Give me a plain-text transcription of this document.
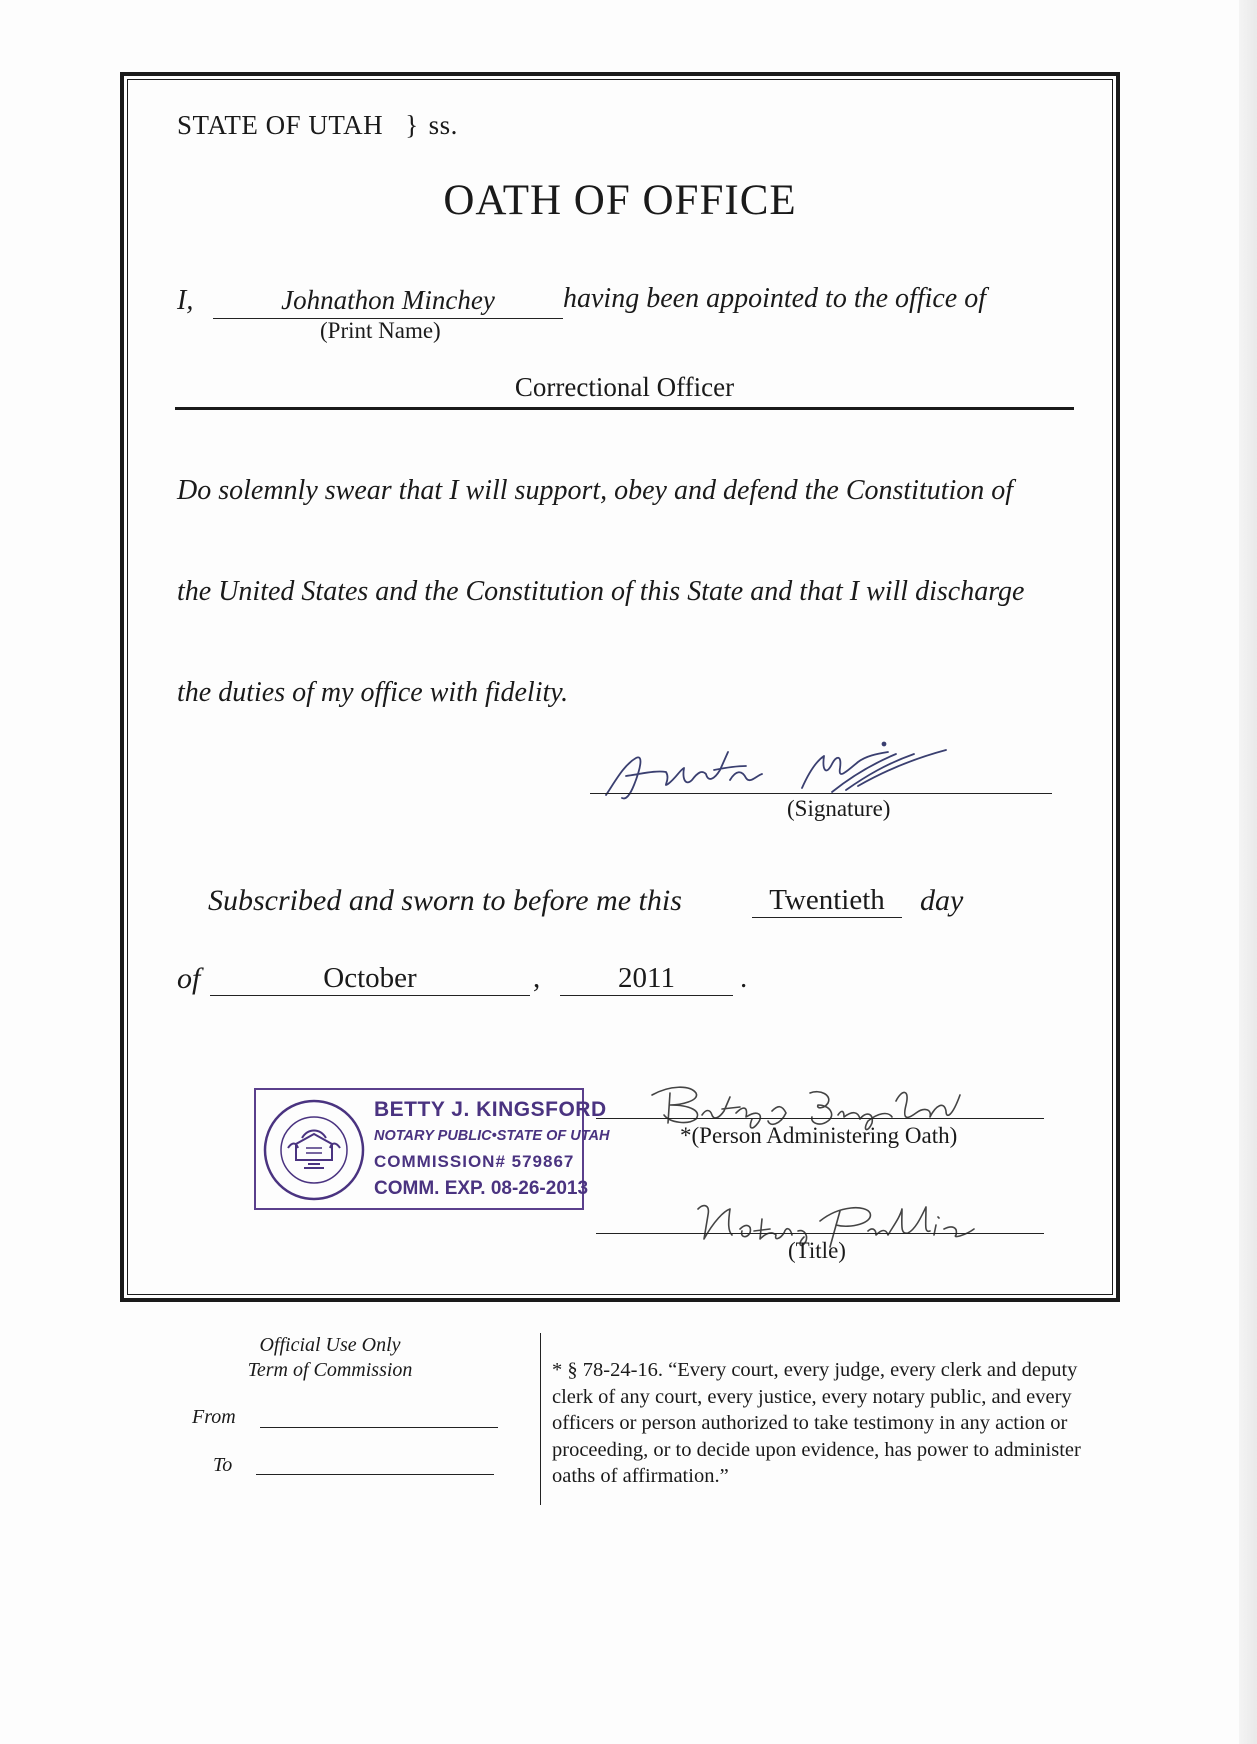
STATE OF UTAH } ss.
OATH OF OFFICE
I,	Johnathon Minchey	having been appointed to the office of
(Print Name)
Correctional Officer
Do solemnly swear that I will support, obey and defend the Constitution of
the United States and the Constitution of this State and that I will discharge
the duties of my office with fidelity.
(Signature)
Subscribed and sworn to before me this	Twentieth	day
of	October	,	2011	.
BETTY J. KINGSFORD
NOTARY PUBLIC•STATE OF UTAH
COMMISSION# 579867
COMM. EXP. 08-26-2013
*(Person Administering Oath)
(Title)
Official Use Only
Term of Commission
From
To
* § 78-24-16. “Every court, every judge, every clerk and deputy clerk of any court, every justice, every notary public, and every officers or person authorized to take testimony in any action or proceeding, or to decide upon evidence, has power to administer oaths of affirmation.”
